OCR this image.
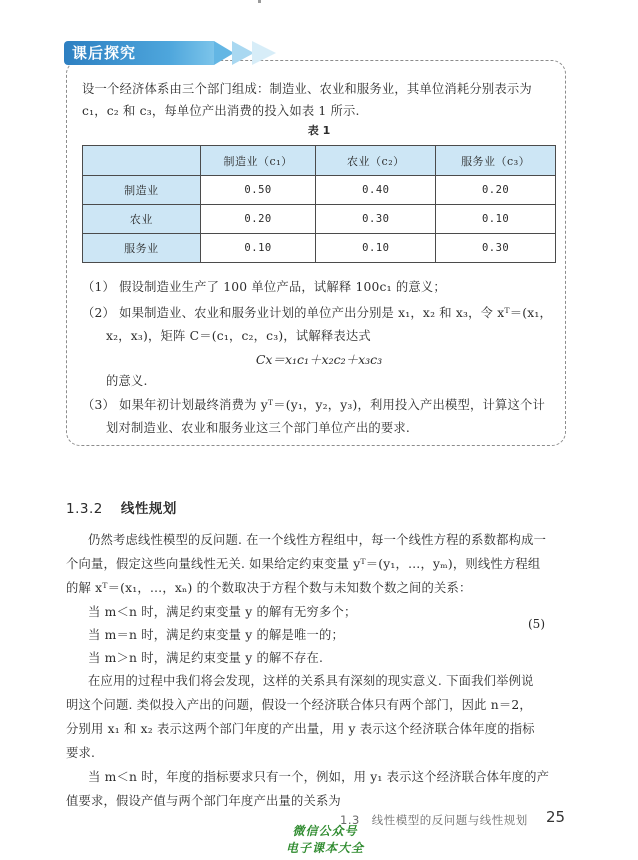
课后探究

设一个经济体系由三个部门组成：制造业、农业和服务业，其单位消耗分别表示为
c₁，c₂ 和 c₃，每单位产出消费的投入如表 1 所示.

表 1
	制造业（c₁）	农业（c₂）	服务业（c₃）
制造业	0.50	0.40	0.20
农业	0.20	0.30	0.10
服务业	0.10	0.10	0.30
（1） 假设制造业生产了 100 单位产品，试解释 100c₁ 的意义；
（2） 如果制造业、农业和服务业计划的单位产出分别是 x₁，x₂ 和 x₃，令 xᵀ＝(x₁，
x₂，x₃)，矩阵 C＝(c₁，c₂，c₃)，试解释表达式
Cx＝x₁c₁＋x₂c₂＋x₃c₃
的意义.
（3） 如果年初计划最终消费为 yᵀ＝(y₁，y₂，y₃)，利用投入产出模型，计算这个计
划对制造业、农业和服务业这三个部门单位产出的要求.
1.3.2 线性规划
仍然考虑线性模型的反问题. 在一个线性方程组中，每一个线性方程的系数都构成一
个向量，假定这些向量线性无关. 如果给定约束变量 yᵀ＝(y₁，…，yₘ)，则线性方程组
的解 xᵀ＝(x₁，…，xₙ) 的个数取决于方程个数与未知数个数之间的关系：
当 m＜n 时，满足约束变量 y 的解有无穷多个；
当 m＝n 时，满足约束变量 y 的解是唯一的；
(5)
当 m＞n 时，满足约束变量 y 的解不存在.
在应用的过程中我们将会发现，这样的关系具有深刻的现实意义. 下面我们举例说
明这个问题. 类似投入产出的问题，假设一个经济联合体只有两个部门，因此 n＝2，
分别用 x₁ 和 x₂ 表示这两个部门年度的产出量，用 y 表示这个经济联合体年度的指标
要求.
当 m＜n 时，年度的指标要求只有一个，例如，用 y₁ 表示这个经济联合体年度的产
值要求，假设产值与两个部门年度产出量的关系为
1.3　线性模型的反问题与线性规划 25
微信公众号
电子课本大全
